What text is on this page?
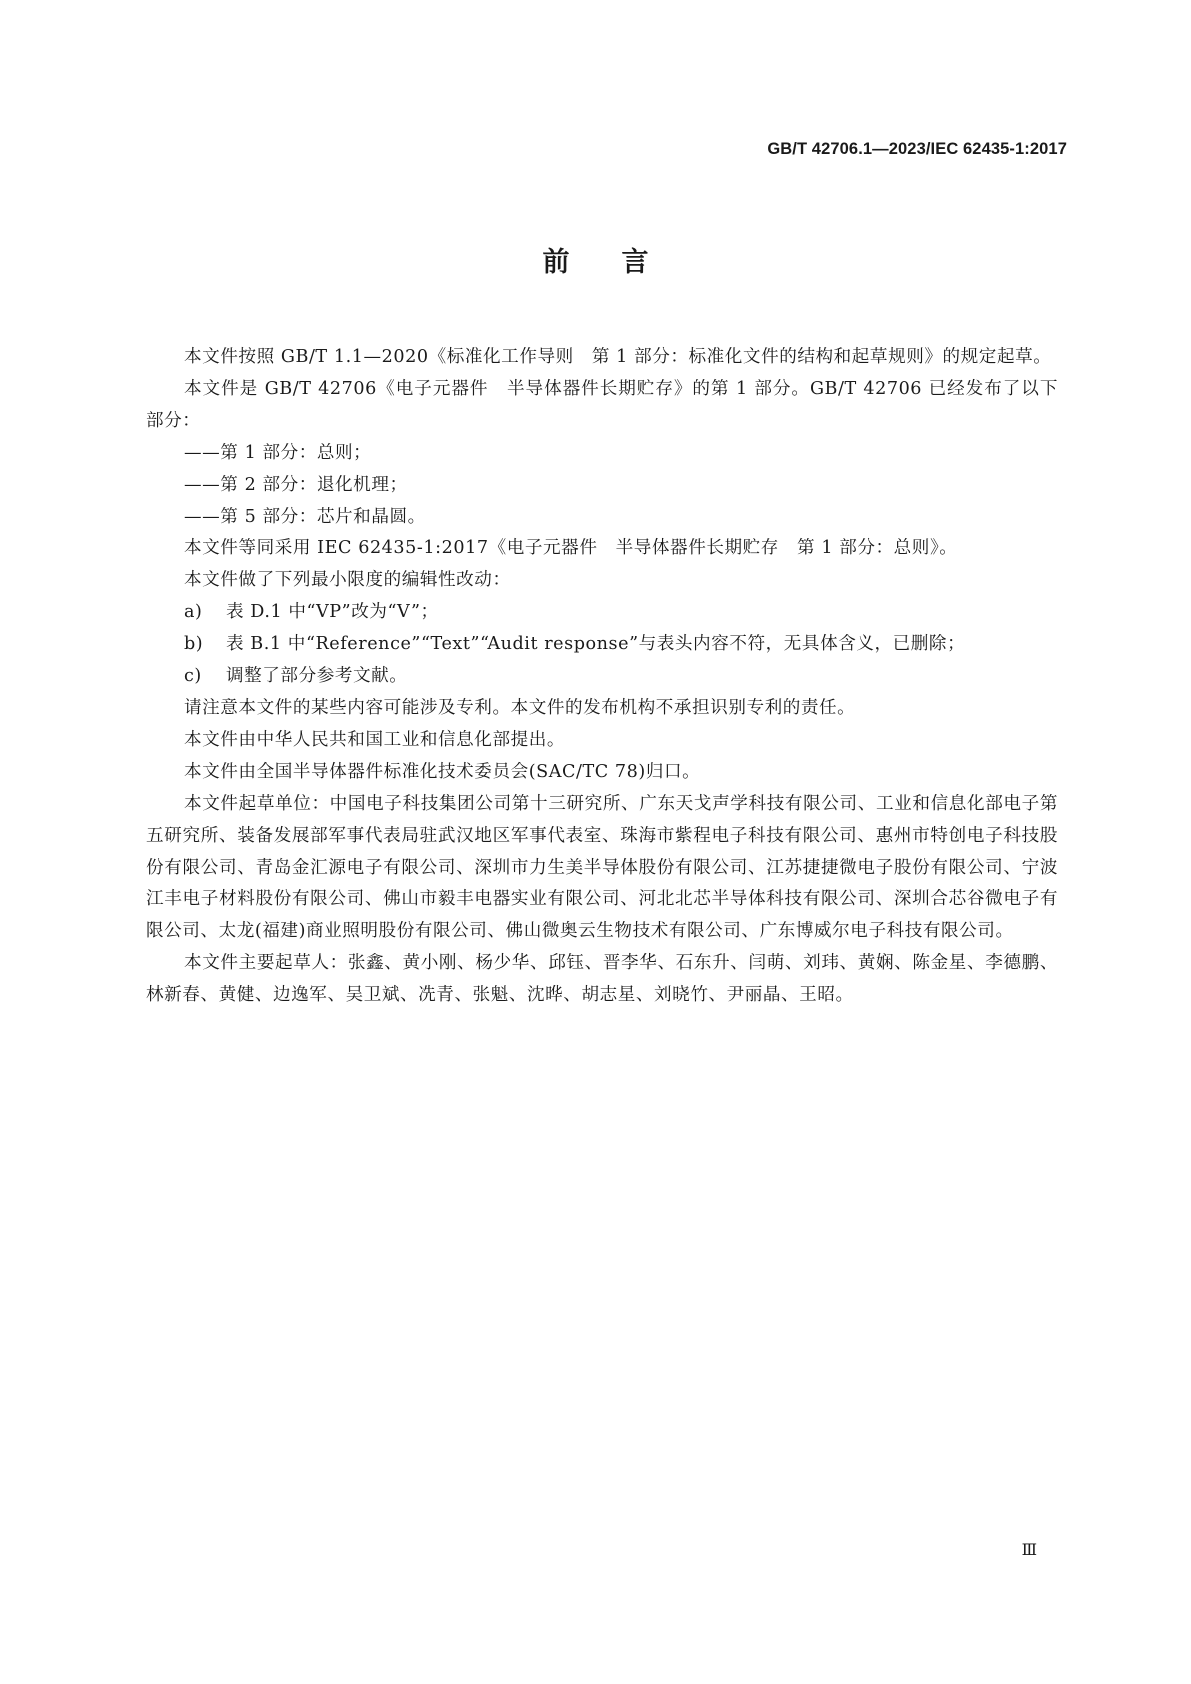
GB/T 42706.1—2023/IEC 62435-1:2017
前言

本文件按照 GB/T 1.1—2020《标准化工作导则　第 1 部分：标准化文件的结构和起草规则》的规定起草。

本文件是 GB/T 42706《电子元器件　半导体器件长期贮存》的第 1 部分。GB/T 42706 已经发布了以下部分：

——第 1 部分：总则；

——第 2 部分：退化机理；

——第 5 部分：芯片和晶圆。

本文件等同采用 IEC 62435-1:2017《电子元器件　半导体器件长期贮存　第 1 部分：总则》。

本文件做了下列最小限度的编辑性改动：

a) 表 D.1 中“VP”改为“V”；

b) 表 B.1 中“Reference”“Text”“Audit response”与表头内容不符，无具体含义，已删除；

c) 调整了部分参考文献。

请注意本文件的某些内容可能涉及专利。本文件的发布机构不承担识别专利的责任。

本文件由中华人民共和国工业和信息化部提出。

本文件由全国半导体器件标准化技术委员会(SAC/TC 78)归口。

本文件起草单位：中国电子科技集团公司第十三研究所、广东天戈声学科技有限公司、工业和信息化部电子第五研究所、装备发展部军事代表局驻武汉地区军事代表室、珠海市紫程电子科技有限公司、惠州市特创电子科技股份有限公司、青岛金汇源电子有限公司、深圳市力生美半导体股份有限公司、江苏捷捷微电子股份有限公司、宁波江丰电子材料股份有限公司、佛山市毅丰电器实业有限公司、河北北芯半导体科技有限公司、深圳合芯谷微电子有限公司、太龙(福建)商业照明股份有限公司、佛山微奥云生物技术有限公司、广东博威尔电子科技有限公司。

本文件主要起草人：张鑫、黄小刚、杨少华、邱钰、晋李华、石东升、闫萌、刘玮、黄娴、陈金星、李德鹏、林新春、黄健、边逸军、吴卫斌、冼青、张魁、沈晔、胡志星、刘晓竹、尹丽晶、王昭。

Ⅲ
